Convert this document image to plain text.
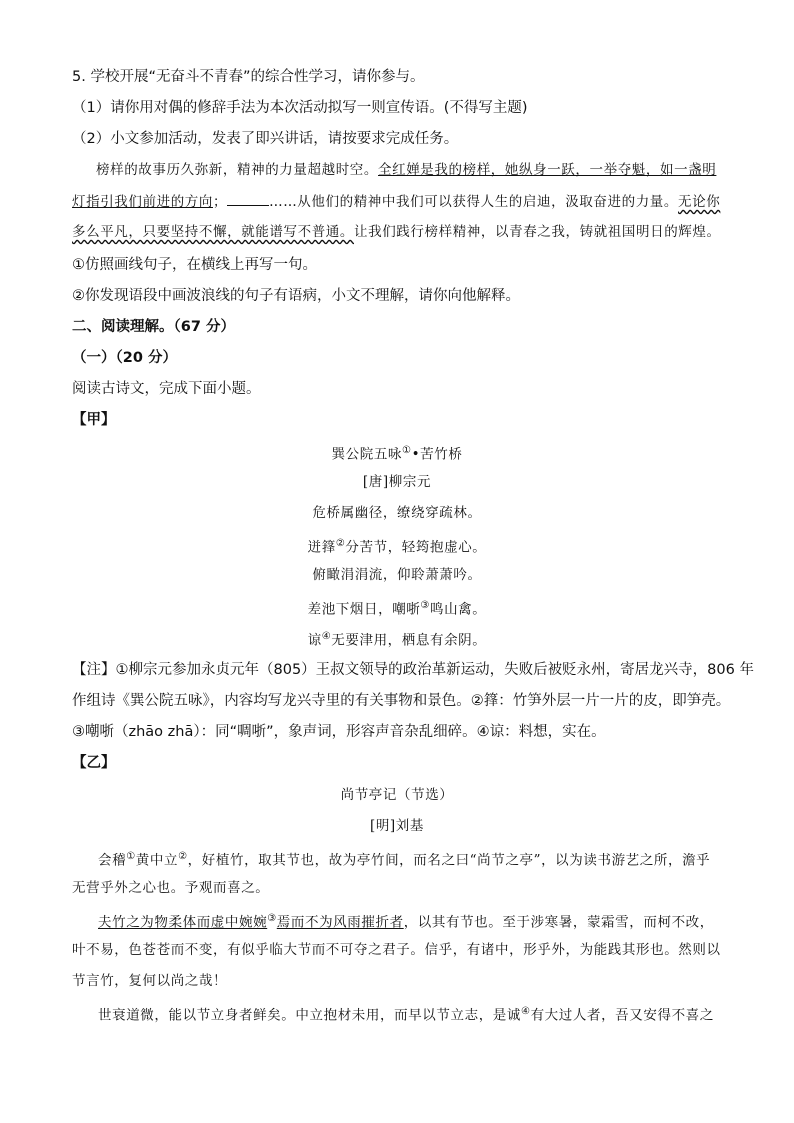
5. 学校开展“无奋斗不青春”的综合性学习，请你参与。
（1）请你用对偶的修辞手法为本次活动拟写一则宣传语。(不得写主题)
（2）小文参加活动，发表了即兴讲话，请按要求完成任务。
榜样的故事历久弥新，精神的力量超越时空。全红婵是我的榜样，她纵身一跃，一举夺魁，如一盏明
灯指引我们前进的方向；	……从他们的精神中我们可以获得人生的启迪，汲取奋进的力量。无论你
多么平凡，只要坚持不懈，就能谱写不普通。让我们践行榜样精神，以青春之我，铸就祖国明日的辉煌。
①仿照画线句子，在横线上再写一句。
②你发现语段中画波浪线的句子有语病，小文不理解，请你向他解释。
二、阅读理解。（67 分）
（一）（20 分）
阅读古诗文，完成下面小题。
【甲】
巽公院五咏①•苦竹桥
[唐]柳宗元
危桥属幽径，缭绕穿疏林。
迸箨②分苦节，轻筠抱虚心。
俯瞰涓涓流，仰聆萧萧吟。
差池下烟日，嘲哳③鸣山禽。
谅④无要津用，栖息有余阴。
【注】①柳宗元参加永贞元年（805）王叔文领导的政治革新运动，失败后被贬永州，寄居龙兴寺，806 年
作组诗《巽公院五咏》，内容均写龙兴寺里的有关事物和景色。②箨：竹笋外层一片一片的皮，即笋壳。
③嘲哳（zhāo zhā）：同“啁哳”，象声词，形容声音杂乱细碎。④谅：料想，实在。
【乙】
尚节亭记（节选）
[明]刘基
会稽①黄中立②，好植竹，取其节也，故为亭竹间，而名之曰“尚节之亭”，以为读书游艺之所，澹乎
无营乎外之心也。予观而喜之。
夫竹之为物柔体而虚中婉婉③焉而不为风雨摧折者，以其有节也。至于涉寒暑，蒙霜雪，而柯不改，
叶不易，色苍苍而不变，有似乎临大节而不可夺之君子。信乎，有诸中，形乎外，为能践其形也。然则以
节言竹，复何以尚之哉！
世衰道微，能以节立身者鲜矣。中立抱材未用，而早以节立志，是诚④有大过人者，吾又安得不喜之
